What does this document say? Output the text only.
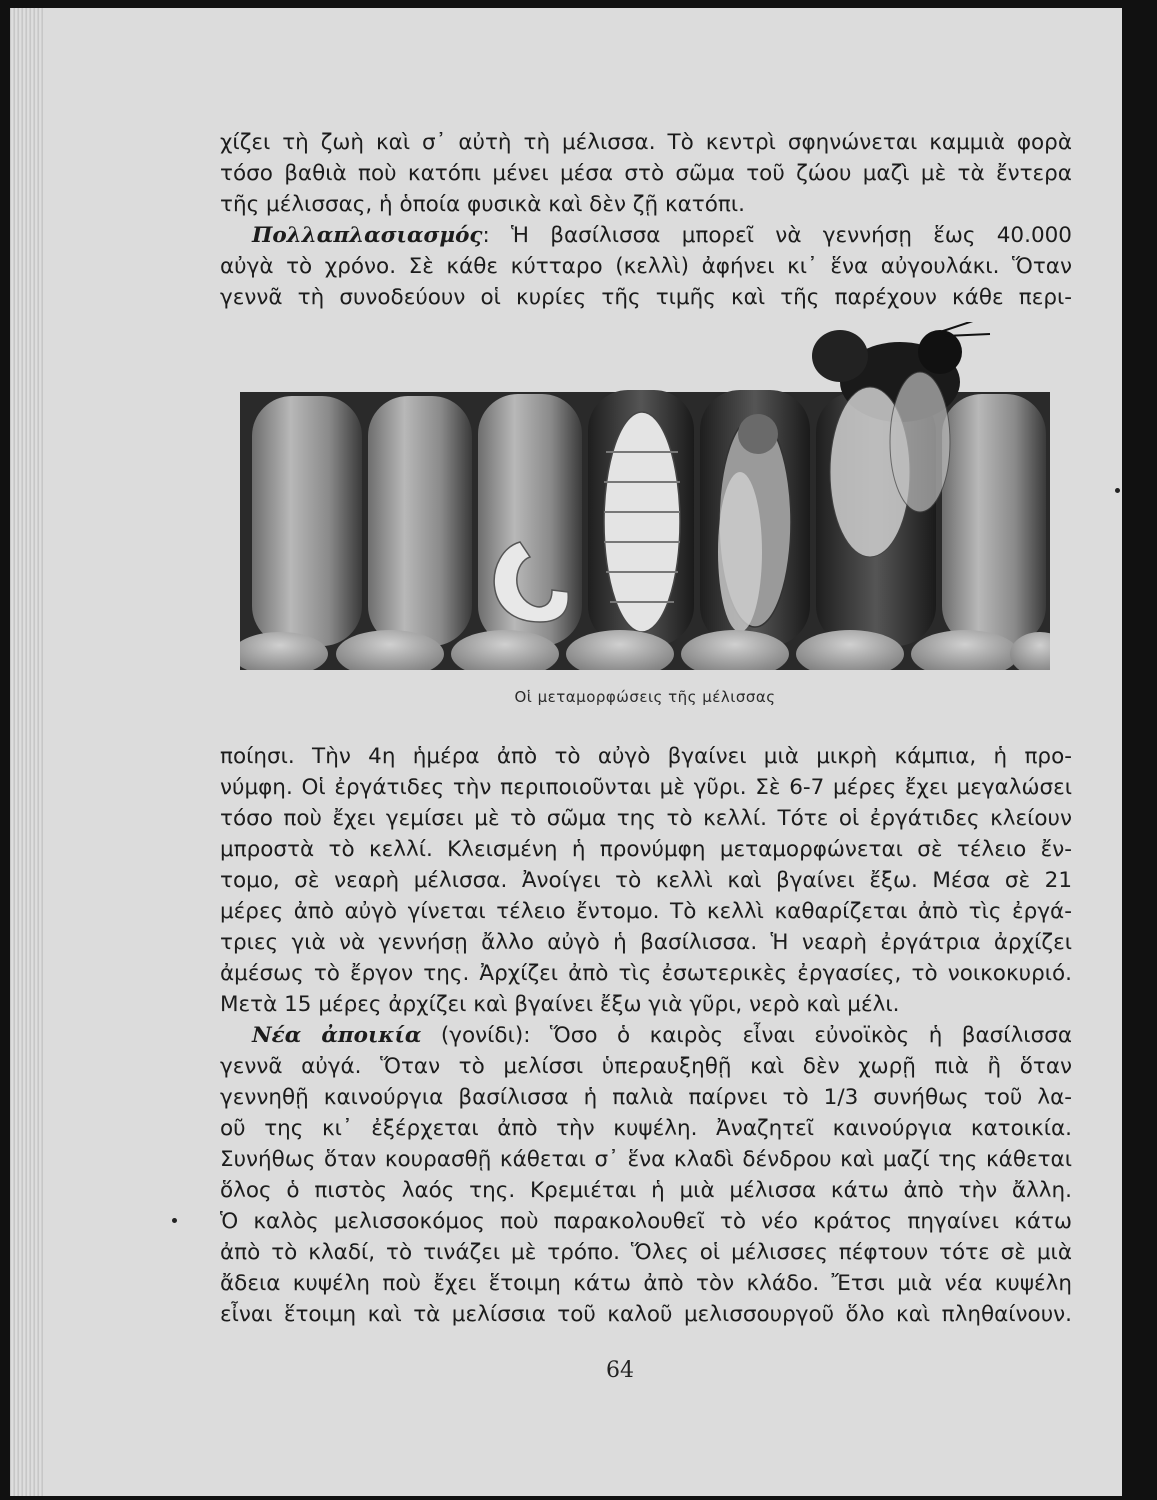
χίζει τὴ ζωὴ καὶ σ᾽ αὐτὴ τὴ μέλισσα. Τὸ κεντρὶ σφηνώνεται καμμιὰ φορὰ
τόσο βαθιὰ ποὺ κατόπι μένει μέσα στὸ σῶμα τοῦ ζώου μαζὶ μὲ τὰ ἔντερα
τῆς μέλισσας, ἡ ὁποία φυσικὰ καὶ δὲν ζῇ κατόπι.
Πολλαπλασιασμός: Ἡ βασίλισσα μπορεῖ νὰ γεννήσῃ ἕως 40.000
αὐγὰ τὸ χρόνο. Σὲ κάθε κύτταρο (κελλὶ) ἀφήνει κι᾽ ἕνα αὐγουλάκι. Ὅταν
γεννᾶ τὴ συνοδεύουν οἱ κυρίες τῆς τιμῆς καὶ τῆς παρέχουν κάθε περι-
Οἱ μεταμορφώσεις τῆς μέλισσας
ποίησι. Τὴν 4η ἡμέρα ἀπὸ τὸ αὐγὸ βγαίνει μιὰ μικρὴ κάμπια, ἡ προ-
νύμφη. Οἱ ἐργάτιδες τὴν περιποιοῦνται μὲ γῦρι. Σὲ 6-7 μέρες ἔχει μεγαλώσει
τόσο ποὺ ἔχει γεμίσει μὲ τὸ σῶμα της τὸ κελλί. Τότε οἱ ἐργάτιδες κλείουν
μπροστὰ τὸ κελλί. Κλεισμένη ἡ προνύμφη μεταμορφώνεται σὲ τέλειο ἔν-
τομο, σὲ νεαρὴ μέλισσα. Ἀνοίγει τὸ κελλὶ καὶ βγαίνει ἔξω. Μέσα σὲ 21
μέρες ἀπὸ αὐγὸ γίνεται τέλειο ἔντομο. Τὸ κελλὶ καθαρίζεται ἀπὸ τὶς ἐργά-
τριες γιὰ νὰ γεννήσῃ ἄλλο αὐγὸ ἡ βασίλισσα. Ἡ νεαρὴ ἐργάτρια ἀρχίζει
ἀμέσως τὸ ἔργον της. Ἀρχίζει ἀπὸ τὶς ἐσωτερικὲς ἐργασίες, τὸ νοικοκυριό.
Μετὰ 15 μέρες ἀρχίζει καὶ βγαίνει ἔξω γιὰ γῦρι, νερὸ καὶ μέλι.
Νέα ἀποικία (γονίδι): Ὅσο ὁ καιρὸς εἶναι εὐνοϊκὸς ἡ βασίλισσα
γεννᾶ αὐγά. Ὅταν τὸ μελίσσι ὑπεραυξηθῇ καὶ δὲν χωρῇ πιὰ ἢ ὅταν
γεννηθῇ καινούργια βασίλισσα ἡ παλιὰ παίρνει τὸ 1/3 συνήθως τοῦ λα-
οῦ της κι᾽ ἐξέρχεται ἀπὸ τὴν κυψέλη. Ἀναζητεῖ καινούργια κατοικία.
Συνήθως ὅταν κουρασθῇ κάθεται σ᾽ ἕνα κλαδὶ δένδρου καὶ μαζί της κάθεται
ὅλος ὁ πιστὸς λαός της. Κρεμιέται ἡ μιὰ μέλισσα κάτω ἀπὸ τὴν ἄλλη.
Ὁ καλὸς μελισσοκόμος ποὺ παρακολουθεῖ τὸ νέο κράτος πηγαίνει κάτω
ἀπὸ τὸ κλαδί, τὸ τινάζει μὲ τρόπο. Ὅλες οἱ μέλισσες πέφτουν τότε σὲ μιὰ
ἄδεια κυψέλη ποὺ ἔχει ἕτοιμη κάτω ἀπὸ τὸν κλάδο. Ἔτσι μιὰ νέα κυψέλη
εἶναι ἕτοιμη καὶ τὰ μελίσσια τοῦ καλοῦ μελισσουργοῦ ὅλο καὶ πληθαίνουν.
64
